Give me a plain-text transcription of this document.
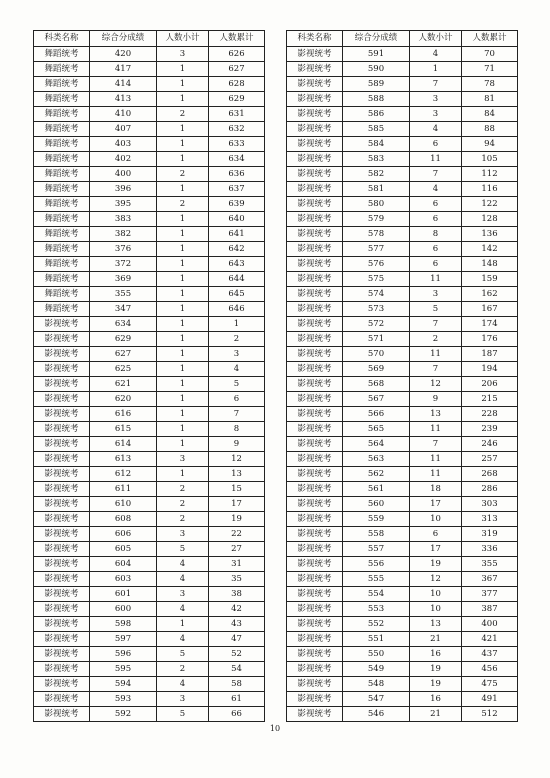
科类名称	综合分成绩	人数小计	人数累计
舞蹈统考	420	3	626
舞蹈统考	417	1	627
舞蹈统考	414	1	628
舞蹈统考	413	1	629
舞蹈统考	410	2	631
舞蹈统考	407	1	632
舞蹈统考	403	1	633
舞蹈统考	402	1	634
舞蹈统考	400	2	636
舞蹈统考	396	1	637
舞蹈统考	395	2	639
舞蹈统考	383	1	640
舞蹈统考	382	1	641
舞蹈统考	376	1	642
舞蹈统考	372	1	643
舞蹈统考	369	1	644
舞蹈统考	355	1	645
舞蹈统考	347	1	646
影视统考	634	1	1
影视统考	629	1	2
影视统考	627	1	3
影视统考	625	1	4
影视统考	621	1	5
影视统考	620	1	6
影视统考	616	1	7
影视统考	615	1	8
影视统考	614	1	9
影视统考	613	3	12
影视统考	612	1	13
影视统考	611	2	15
影视统考	610	2	17
影视统考	608	2	19
影视统考	606	3	22
影视统考	605	5	27
影视统考	604	4	31
影视统考	603	4	35
影视统考	601	3	38
影视统考	600	4	42
影视统考	598	1	43
影视统考	597	4	47
影视统考	596	5	52
影视统考	595	2	54
影视统考	594	4	58
影视统考	593	3	61
影视统考	592	5	66
科类名称	综合分成绩	人数小计	人数累计
影视统考	591	4	70
影视统考	590	1	71
影视统考	589	7	78
影视统考	588	3	81
影视统考	586	3	84
影视统考	585	4	88
影视统考	584	6	94
影视统考	583	11	105
影视统考	582	7	112
影视统考	581	4	116
影视统考	580	6	122
影视统考	579	6	128
影视统考	578	8	136
影视统考	577	6	142
影视统考	576	6	148
影视统考	575	11	159
影视统考	574	3	162
影视统考	573	5	167
影视统考	572	7	174
影视统考	571	2	176
影视统考	570	11	187
影视统考	569	7	194
影视统考	568	12	206
影视统考	567	9	215
影视统考	566	13	228
影视统考	565	11	239
影视统考	564	7	246
影视统考	563	11	257
影视统考	562	11	268
影视统考	561	18	286
影视统考	560	17	303
影视统考	559	10	313
影视统考	558	6	319
影视统考	557	17	336
影视统考	556	19	355
影视统考	555	12	367
影视统考	554	10	377
影视统考	553	10	387
影视统考	552	13	400
影视统考	551	21	421
影视统考	550	16	437
影视统考	549	19	456
影视统考	548	19	475
影视统考	547	16	491
影视统考	546	21	512
10
